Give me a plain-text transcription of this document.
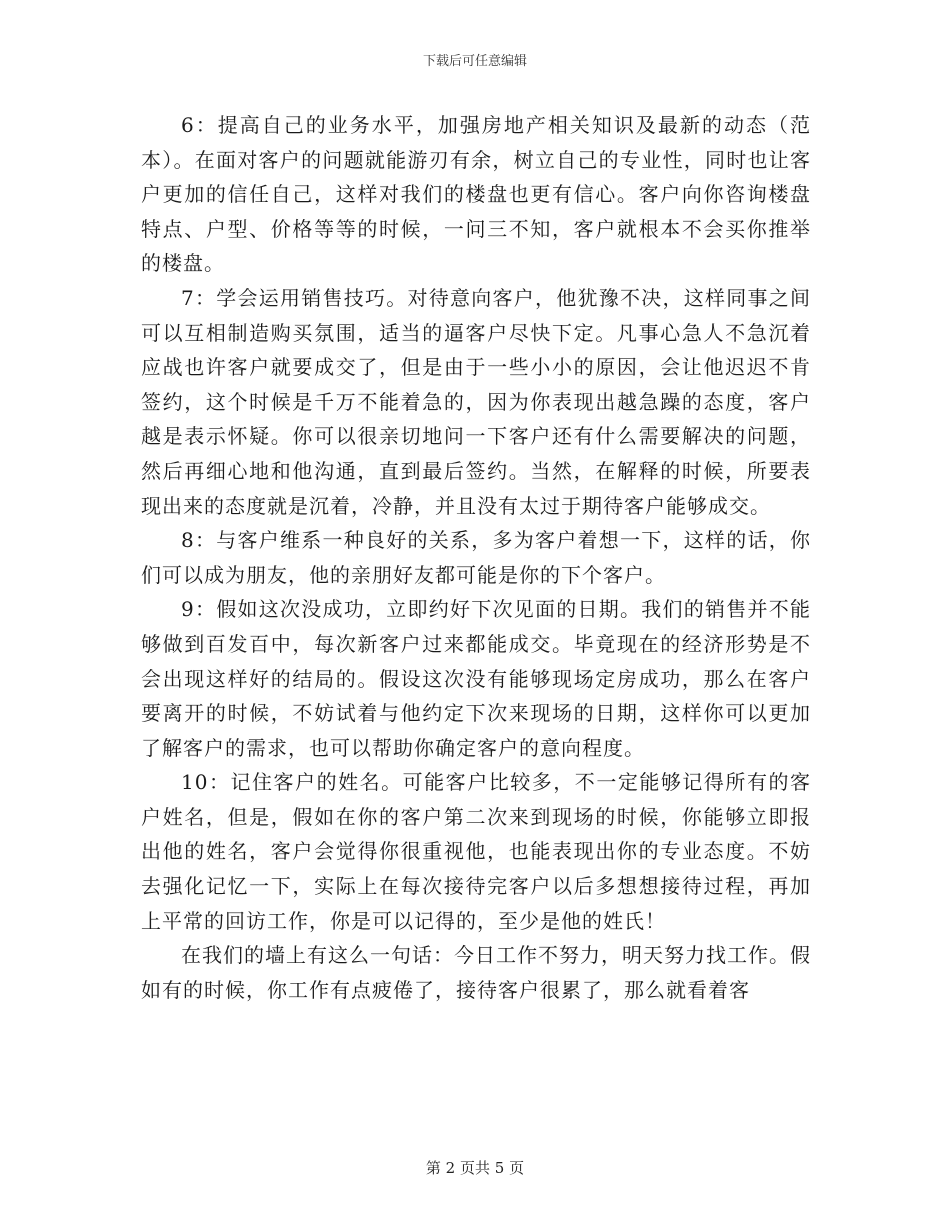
下载后可任意编辑

6：提高自己的业务水平，加强房地产相关知识及最新的动态（范本）。在面对客户的问题就能游刃有余，树立自己的专业性，同时也让客户更加的信任自己，这样对我们的楼盘也更有信心。客户向你咨询楼盘特点、户型、价格等等的时候，一问三不知，客户就根本不会买你推举的楼盘。

7：学会运用销售技巧。对待意向客户，他犹豫不决，这样同事之间可以互相制造购买氛围，适当的逼客户尽快下定。凡事心急人不急沉着应战也许客户就要成交了，但是由于一些小小的原因，会让他迟迟不肯签约，这个时候是千万不能着急的，因为你表现出越急躁的态度，客户越是表示怀疑。你可以很亲切地问一下客户还有什么需要解决的问题，然后再细心地和他沟通，直到最后签约。当然，在解释的时候，所要表现出来的态度就是沉着，冷静，并且没有太过于期待客户能够成交。

8：与客户维系一种良好的关系，多为客户着想一下，这样的话，你们可以成为朋友，他的亲朋好友都可能是你的下个客户。

9：假如这次没成功，立即约好下次见面的日期。我们的销售并不能够做到百发百中，每次新客户过来都能成交。毕竟现在的经济形势是不会出现这样好的结局的。假设这次没有能够现场定房成功，那么在客户要离开的时候，不妨试着与他约定下次来现场的日期，这样你可以更加了解客户的需求，也可以帮助你确定客户的意向程度。

10：记住客户的姓名。可能客户比较多，不一定能够记得所有的客户姓名，但是，假如在你的客户第二次来到现场的时候，你能够立即报出他的姓名，客户会觉得你很重视他，也能表现出你的专业态度。不妨去强化记忆一下，实际上在每次接待完客户以后多想想接待过程，再加上平常的回访工作，你是可以记得的，至少是他的姓氏！

在我们的墙上有这么一句话：今日工作不努力，明天努力找工作。假如有的时候，你工作有点疲倦了，接待客户很累了，那么就看着客

第 2 页共 5 页
